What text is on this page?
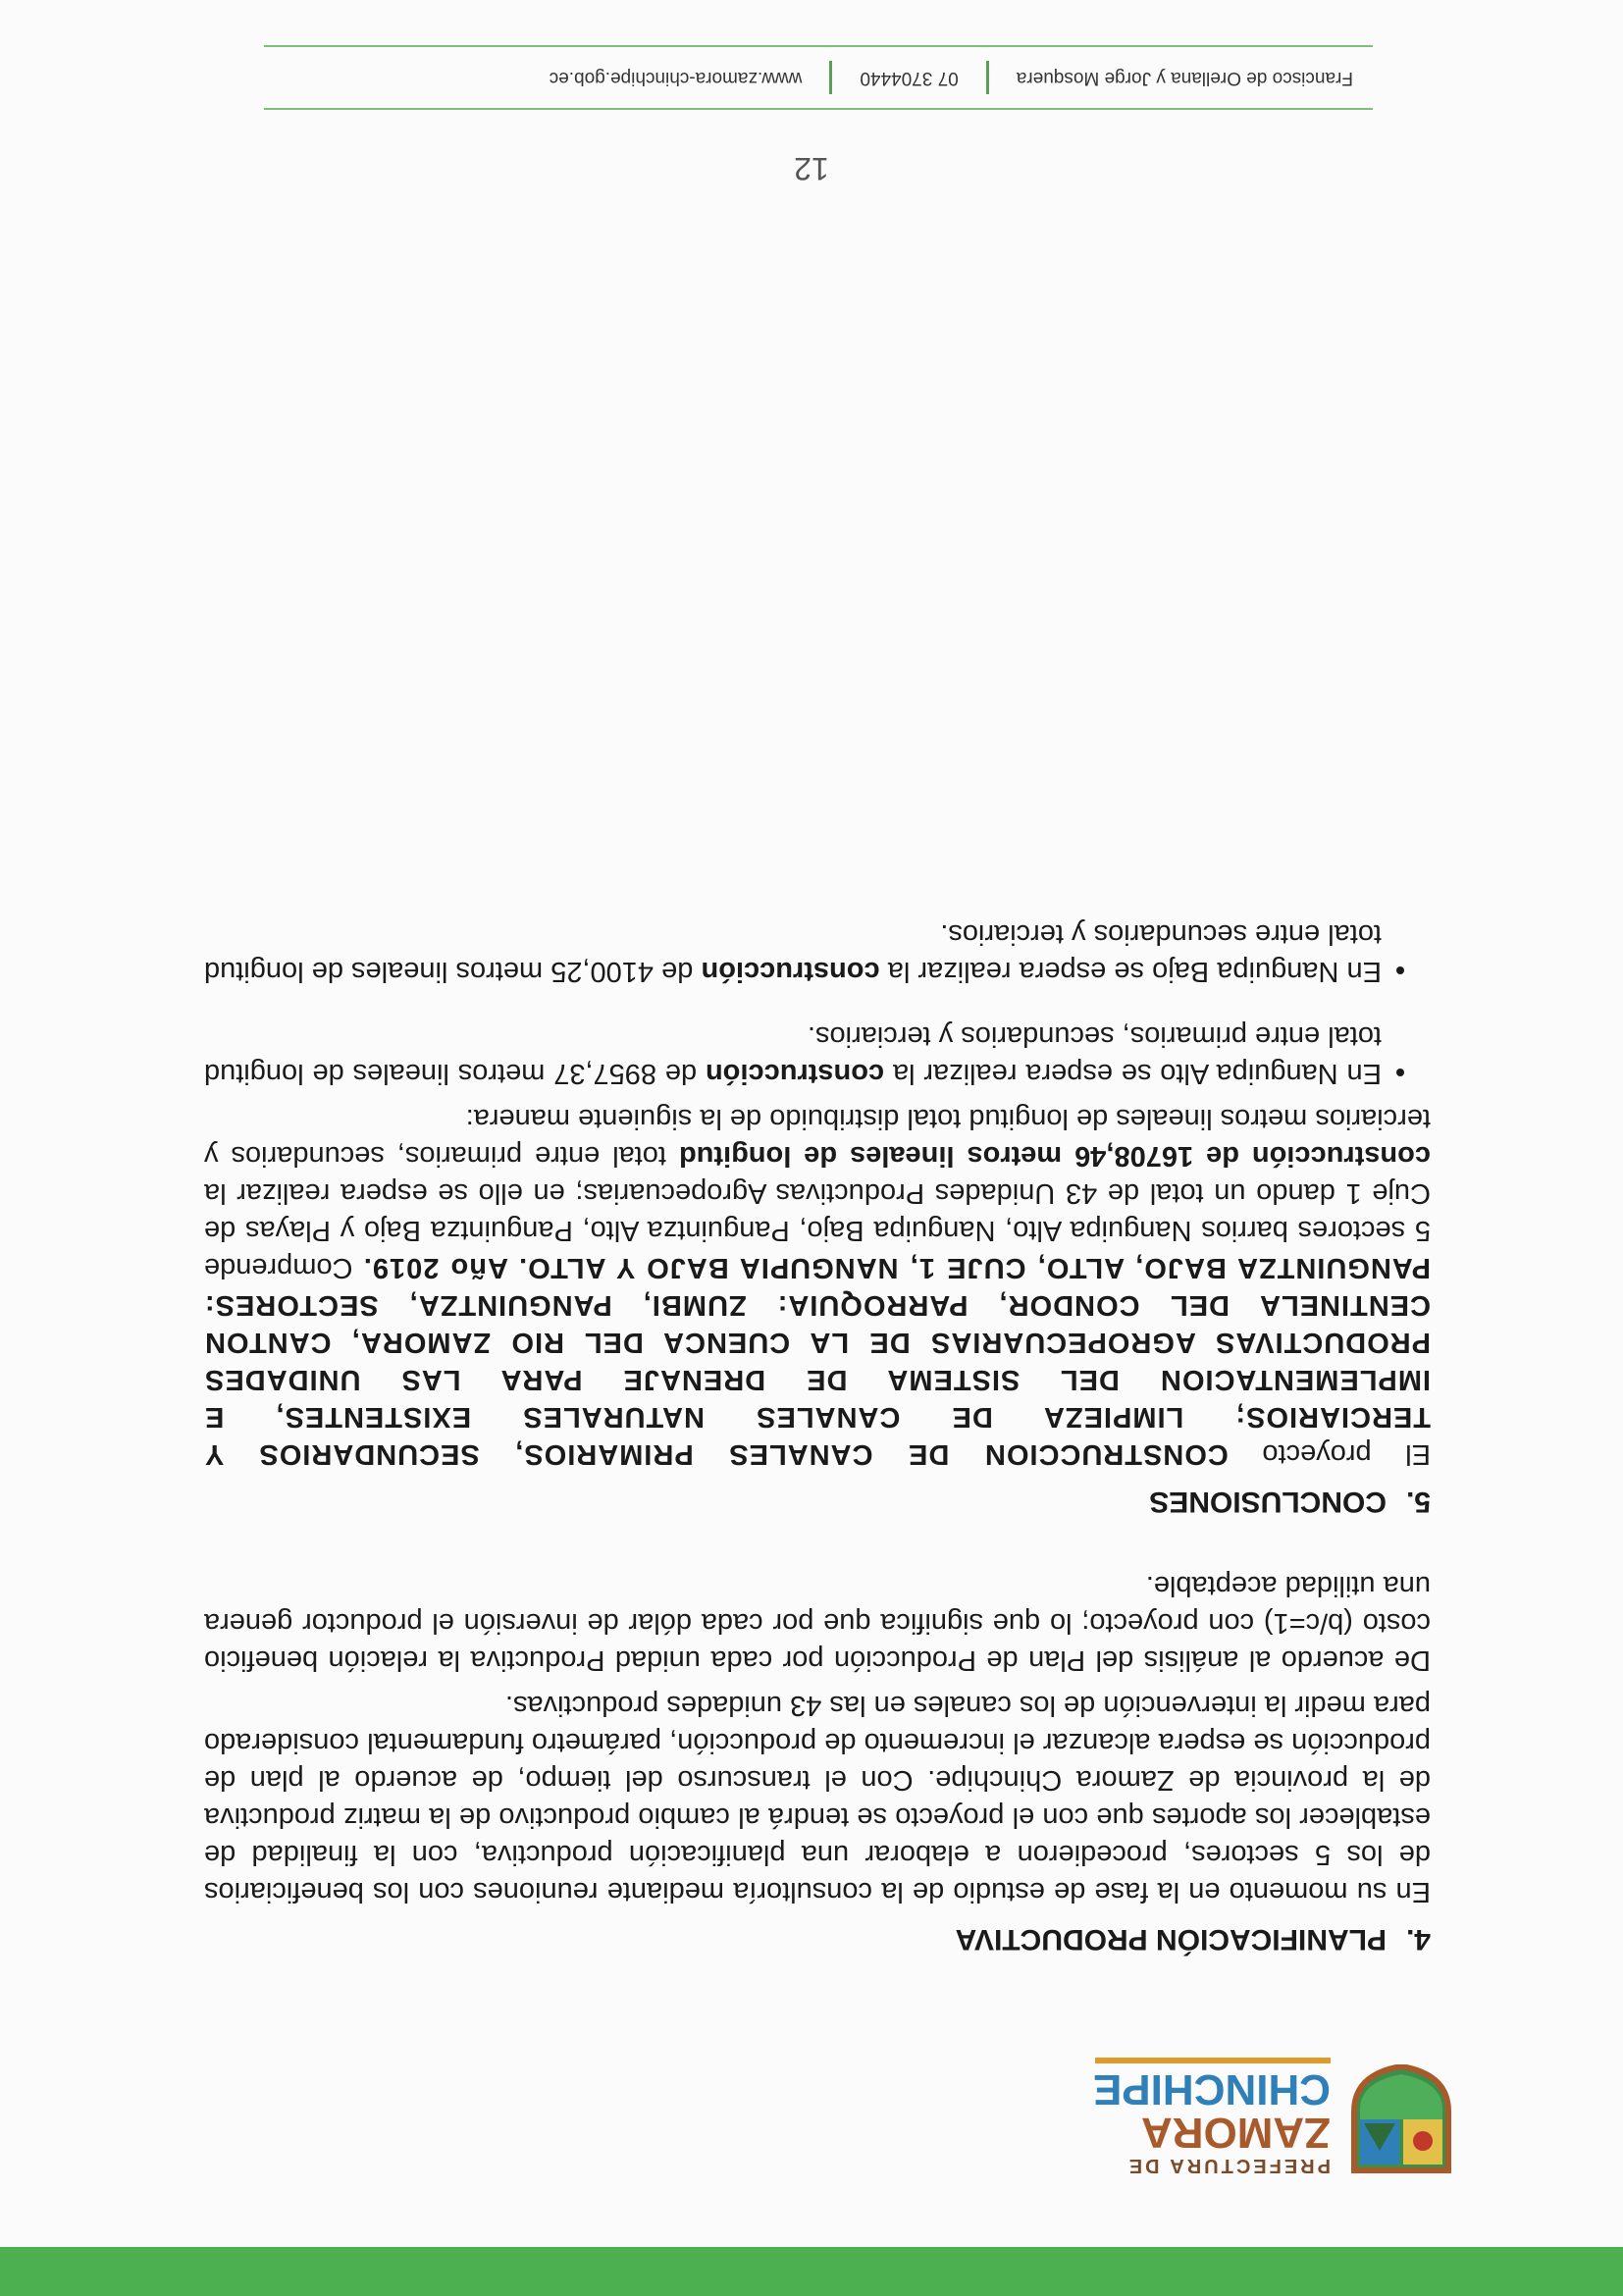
PREFECTURA DE
ZAMORA
CHINCHIPE
4.PLANIFICACIÓN PRODUCTIVA

En su momento en la fase de estudio de la consultoría mediante reuniones con los beneficiarios de los 5 sectores, procedieron a elaborar una planificación productiva, con la finalidad de establecer los aportes que con el proyecto se tendrá al cambio productivo de la matriz productiva de la provincia de Zamora Chinchipe. Con el transcurso del tiempo, de acuerdo al plan de producción se espera alcanzar el incremento de producción, parámetro fundamental considerado para medir la intervención de los canales en las 43 unidades productivas.

De acuerdo al análisis del Plan de Producción por cada unidad Productiva la relación beneficio costo (b/c=1) con proyecto; lo que significa que por cada dólar de inversión el productor genera una utilidad aceptable.

5.CONCLUSIONES

El proyecto CONSTRUCCION DE CANALES PRIMARIOS, SECUNDARIOS Y TERCIARIOS; LIMPIEZA DE CANALES NATURALES EXISTENTES, E IMPLEMENTACION DEL SISTEMA DE DRENAJE PARA LAS UNIDADES PRODUCTIVAS AGROPECUARIAS DE LA CUENCA DEL RIO ZAMORA, CANTON CENTINELA DEL CONDOR, PARROQUIA: ZUMBI, PANGUINTZA, SECTORES: PANGUINTZA BAJO, ALTO, CUJE 1, NANGUPIA BAJO Y ALTO. Año 2019. Comprende 5 sectores barrios Nanguipa Alto, Nanguipa Bajo, Panguintza Alto, Panguintza Bajo y Playas de Cuje 1 dando un total de 43 Unidades Productivas Agropecuarias; en ello se espera realizar la construcción de 16708,46 metros lineales de longitud total entre primarios, secundarios y terciarios metros lineales de longitud total distribuido de la siguiente manera:

• En Nanguipa Alto se espera realizar la construcción de 8957,37 metros lineales de longitud total entre primarios, secundarios y terciarios.
• En Nanguipa Bajo se espera realizar la construcción de 4100,25 metros lineales de longitud total entre secundarios y terciarios.
12
Francisco de Orellana y Jorge Mosquera
07 3704440
www.zamora-chinchipe.gob.ec
